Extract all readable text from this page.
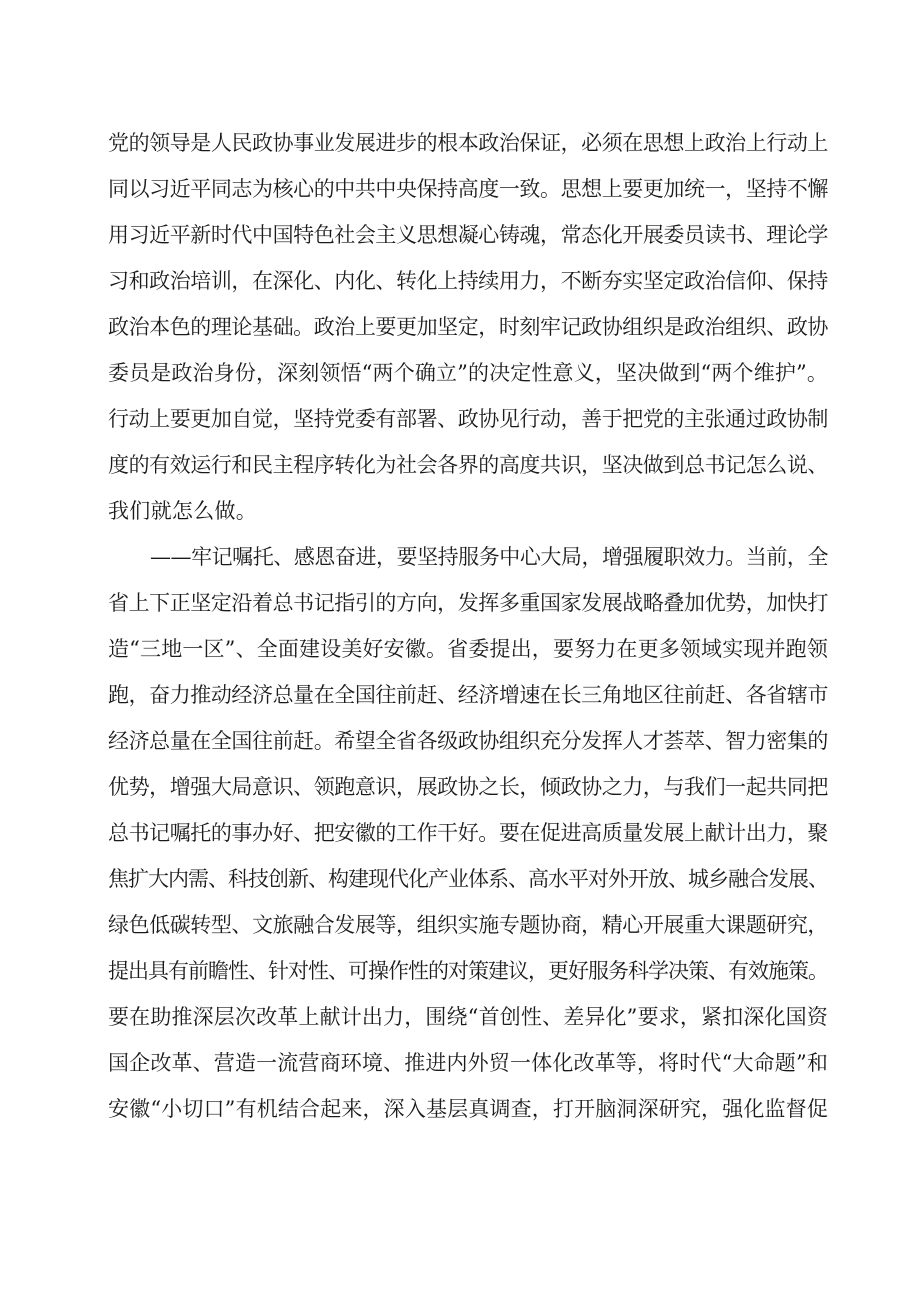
党的领导是人民政协事业发展进步的根本政治保证，必须在思想上政治上行动上
同以习近平同志为核心的中共中央保持高度一致。思想上要更加统一，坚持不懈
用习近平新时代中国特色社会主义思想凝心铸魂，常态化开展委员读书、理论学
习和政治培训，在深化、内化、转化上持续用力，不断夯实坚定政治信仰、保持
政治本色的理论基础。政治上要更加坚定，时刻牢记政协组织是政治组织、政协
委员是政治身份，深刻领悟“两个确立”的决定性意义，坚决做到“两个维护”。
行动上要更加自觉，坚持党委有部署、政协见行动，善于把党的主张通过政协制
度的有效运行和民主程序转化为社会各界的高度共识，坚决做到总书记怎么说、
我们就怎么做。
——牢记嘱托、感恩奋进，要坚持服务中心大局，增强履职效力。当前，全
省上下正坚定沿着总书记指引的方向，发挥多重国家发展战略叠加优势，加快打
造“三地一区”、全面建设美好安徽。省委提出，要努力在更多领域实现并跑领
跑，奋力推动经济总量在全国往前赶、经济增速在长三角地区往前赶、各省辖市
经济总量在全国往前赶。希望全省各级政协组织充分发挥人才荟萃、智力密集的
优势，增强大局意识、领跑意识，展政协之长，倾政协之力，与我们一起共同把
总书记嘱托的事办好、把安徽的工作干好。要在促进高质量发展上献计出力，聚
焦扩大内需、科技创新、构建现代化产业体系、高水平对外开放、城乡融合发展、
绿色低碳转型、文旅融合发展等，组织实施专题协商，精心开展重大课题研究，
提出具有前瞻性、针对性、可操作性的对策建议，更好服务科学决策、有效施策。
要在助推深层次改革上献计出力，围绕“首创性、差异化”要求，紧扣深化国资
国企改革、营造一流营商环境、推进内外贸一体化改革等，将时代“大命题”和
安徽“小切口”有机结合起来，深入基层真调查，打开脑洞深研究，强化监督促
